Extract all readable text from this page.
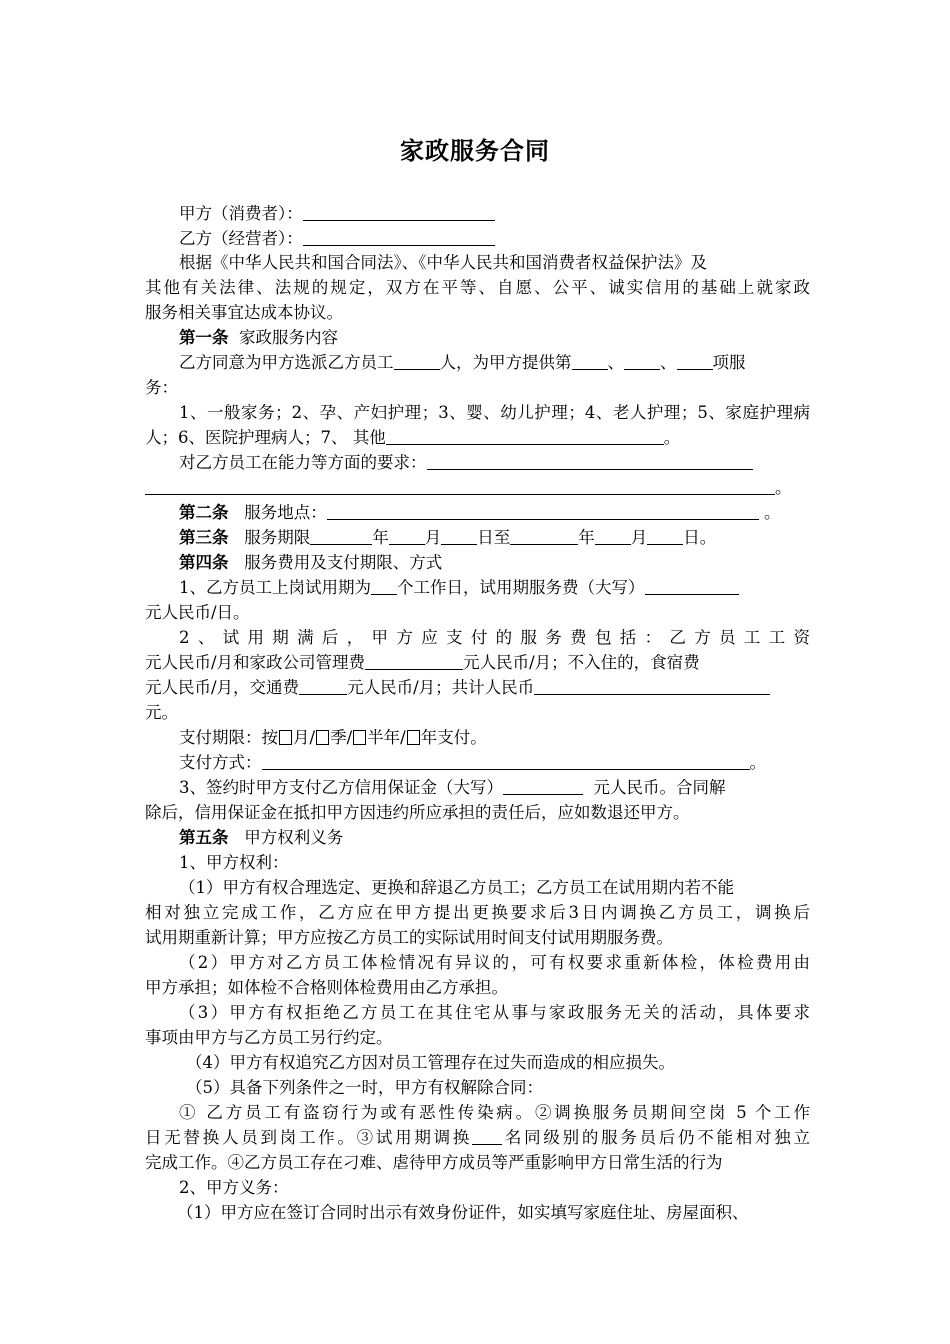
家政服务合同
甲方（消费者）：
乙方（经营者）：
根据《中华人民共和国合同法》、《中华人民共和国消费者权益保护法》及
其他有关法律、法规的规定，双方在平等、自愿、公平、诚实信用的基础上就家政
服务相关事宜达成本协议。
第一条 家政服务内容
乙方同意为甲方选派乙方员工	人，为甲方提供第 、 、 项服
务：
1、一般家务；2、孕、产妇护理；3、婴、幼儿护理；4、老人护理；5、家庭护理病
人；6、医院护理病人；7、 其他	。
对乙方员工在能力等方面的要求：
。
第二条 服务地点：	。
第三条 服务期限	年 月 日至	年 月 日。
第四条 服务费用及支付期限、方式
1、乙方员工上岗试用期为 个工作日，试用期服务费（大写）
元人民币/日。
2、试用期满后，甲方应支付的服务费包括：乙方员工工资
元人民币/月和家政公司管理费	元人民币/月；不入住的，食宿费
元人民币/月，交通费	元人民币/月；共计人民币
元。
支付期限：按 月/ 季/ 半年/ 年支付。
支付方式：	。
3、签约时甲方支付乙方信用保证金（大写）	元人民币。合同解
除后，信用保证金在抵扣甲方因违约所应承担的责任后，应如数退还甲方。
第五条 甲方权利义务
1、甲方权利：
（1）甲方有权合理选定、更换和辞退乙方员工；乙方员工在试用期内若不能
相对独立完成工作，乙方应在甲方提出更换要求后3日内调换乙方员工，调换后
试用期重新计算；甲方应按乙方员工的实际试用时间支付试用期服务费。
（2）甲方对乙方员工体检情况有异议的，可有权要求重新体检，体检费用由
甲方承担；如体检不合格则体检费用由乙方承担。
（3）甲方有权拒绝乙方员工在其住宅从事与家政服务无关的活动，具体要求
事项由甲方与乙方员工另行约定。
（4）甲方有权追究乙方因对员工管理存在过失而造成的相应损失。
（5）具备下列条件之一时，甲方有权解除合同：
① 乙方员工有盗窃行为或有恶性传染病。②调换服务员期间空岗 5 个工作
日无替换人员到岗工作。③试用期调换 名同级别的服务员后仍不能相对独立
完成工作。④乙方员工存在刁难、虐待甲方成员等严重影响甲方日常生活的行为
2、甲方义务：
（1）甲方应在签订合同时出示有效身份证件，如实填写家庭住址、房屋面积、
